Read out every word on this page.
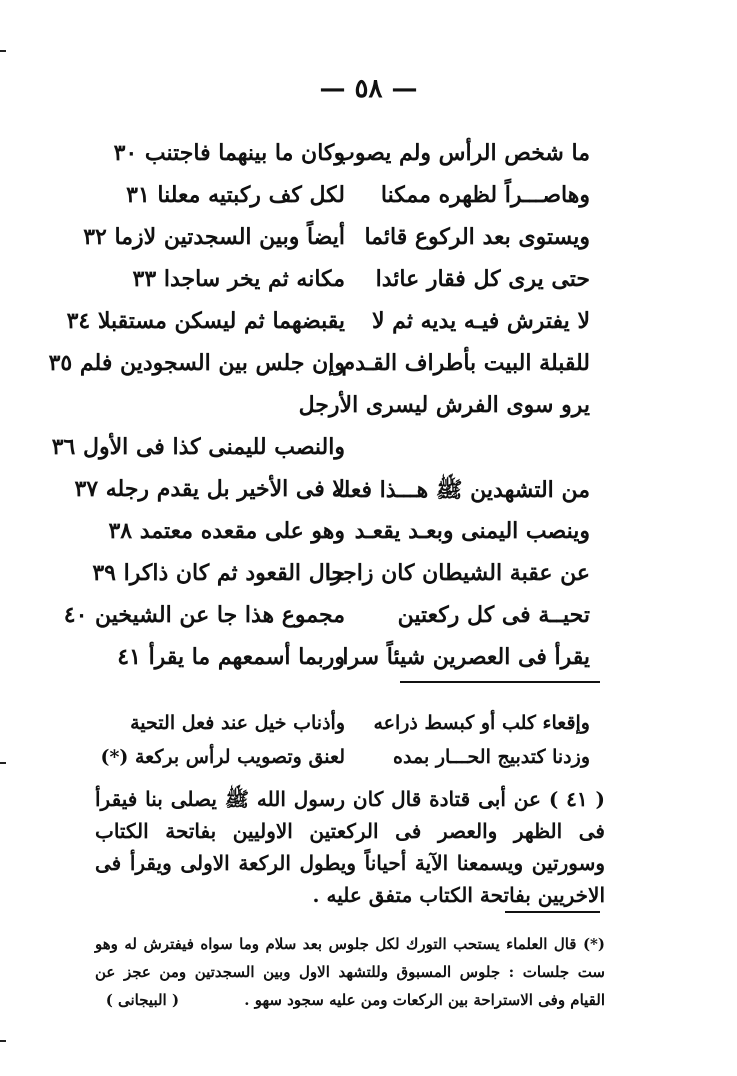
— ٥٨ —
ما شخص الرأس ولم يصوب
وكان ما بينهما فاجتنب ٣٠
وهاصـــراً لظهره ممكنا
لكل كف ركبتيه معلنا ٣١
ويستوى بعد الركوع قائما
أيضاً وبين السجدتين لازما ٣٢
حتى يرى كل فقار عائدا
مكانه ثم يخر ساجدا ٣٣
لا يفترش فيـه يديه ثم لا
يقبضهما ثم ليسكن مستقبلا ٣٤
للقبلة البيت بأطراف القـدم
وإن جلس بين السجودين فلم ٣٥
يرو سوى الفرش ليسرى الأرجل
والنصب لليمنى كذا فى الأول ٣٦
من التشهدين ﷺ هـــذا فعله
لا فى الأخير بل يقدم رجله ٣٧
وينصب اليمنى وبعـد يقعـد
وهو على مقعده معتمد ٣٨
عن عقبة الشيطان كان زاجرا
حال القعود ثم كان ذاكرا ٣٩
تحيــة فى كل ركعتين
مجموع هذا جا عن الشيخين ٤٠
يقرأ فى العصرين شيئاً سرا
وربما أسمعهم ما يقرأ ٤١
وإقعاء كلب أو كبسط ذراعه
وأذناب خيل عند فعل التحية
وزدنا كتدبيج الحـــار بمده
لعنق وتصويب لرأس بركعة (*)
( ٤١ ) عن أبى قتادة قال كان رسول الله ﷺ يصلى بنا فيقرأ فى الظهر والعصر فى الركعتين الاوليين بفاتحة الكتاب وسورتين ويسمعنا الآية أحياناً ويطول الركعة الاولى ويقرأ فى الاخريين بفاتحة الكتاب متفق عليه .
(*) قال العلماء يستحب التورك لكل جلوس بعد سلام وما سواه فيفترش له وهو ست جلسات : جلوس المسبوق وللتشهد الاول وبين السجدتين ومن عجز عن القيام وفى الاستراحة بين الركعات ومن عليه سجود سهو . ( البيجانى )
